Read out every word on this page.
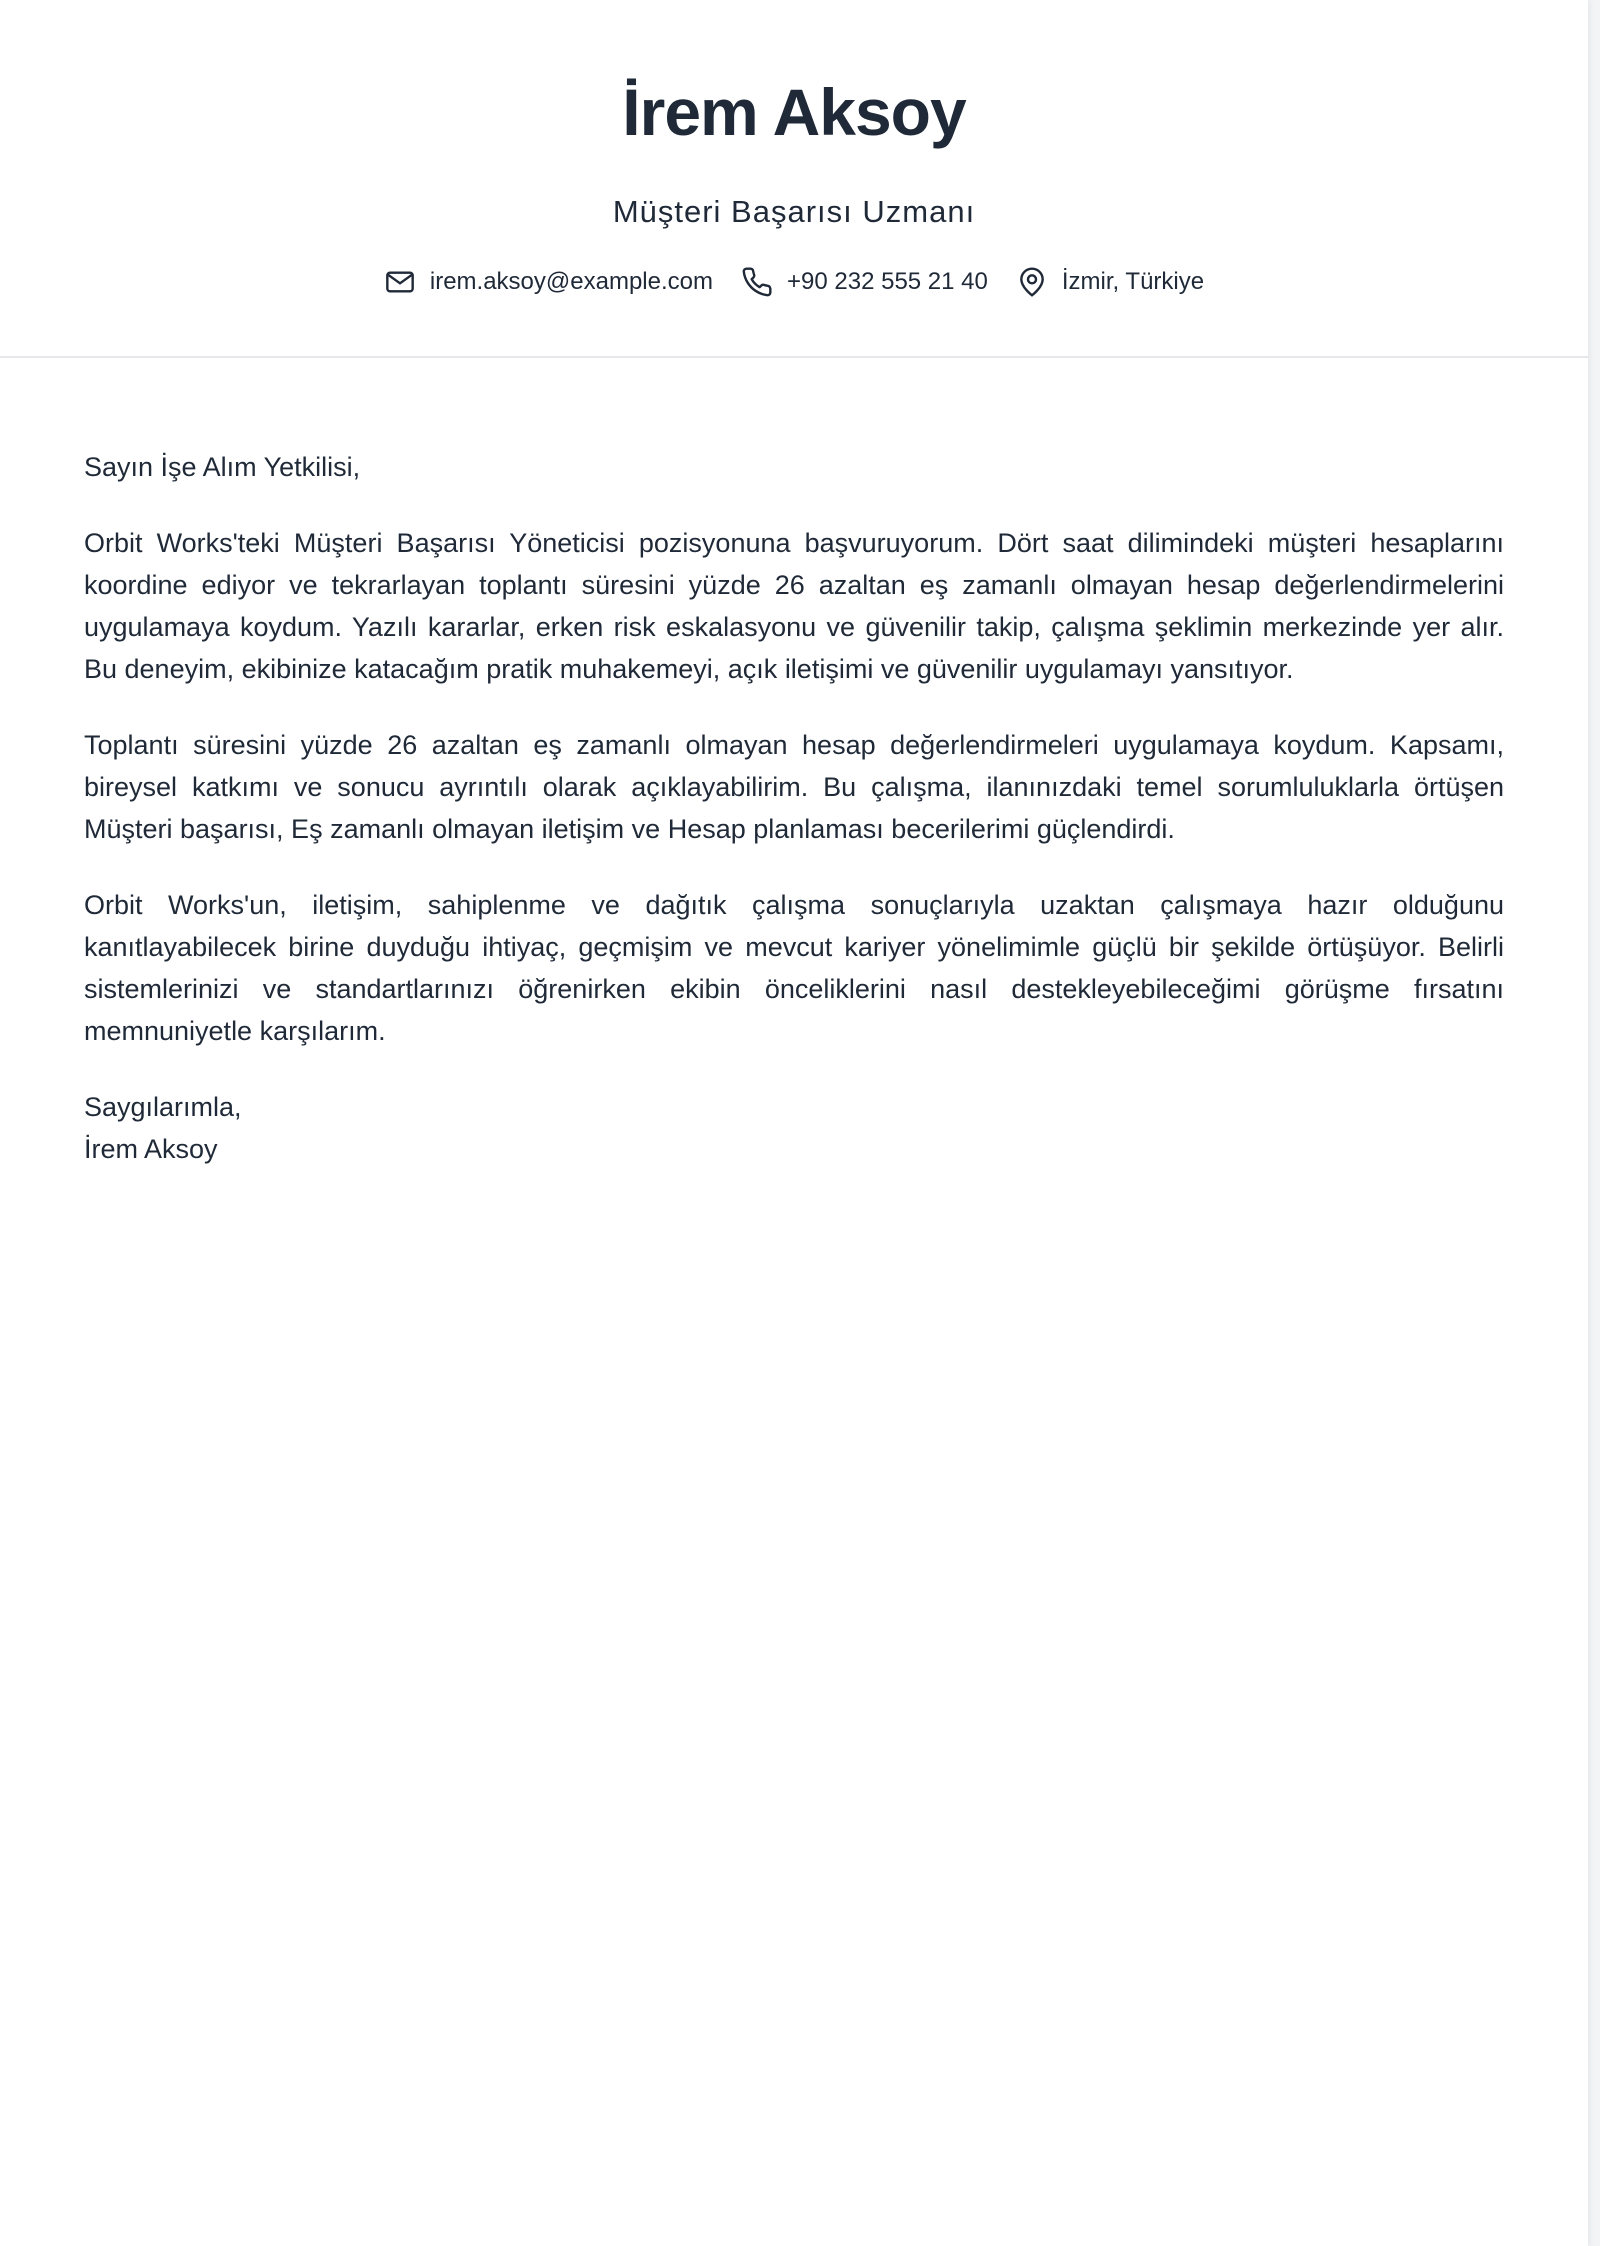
İrem Aksoy
Müşteri Başarısı Uzmanı
irem.aksoy@example.com	+90 232 555 21 40	İzmir, Türkiye

Sayın İşe Alım Yetkilisi,

Orbit Works'teki Müşteri Başarısı Yöneticisi pozisyonuna başvuruyorum. Dört saat dilimindeki müşteri hesaplarını koordine ediyor ve tekrarlayan toplantı süresini yüzde 26 azaltan eş zamanlı olmayan hesap değerlendirmelerini uygulamaya koydum. Yazılı kararlar, erken risk eskalasyonu ve güvenilir takip, çalışma şeklimin merkezinde yer alır. Bu deneyim, ekibinize katacağım pratik muhakemeyi, açık iletişimi ve güvenilir uygulamayı yansıtıyor.

Toplantı süresini yüzde 26 azaltan eş zamanlı olmayan hesap değerlendirmeleri uygulamaya koydum. Kapsamı, bireysel katkımı ve sonucu ayrıntılı olarak açıklayabilirim. Bu çalışma, ilanınızdaki temel sorumluluklarla örtüşen Müşteri başarısı, Eş zamanlı olmayan iletişim ve Hesap planlaması becerilerimi güçlendirdi.

Orbit Works'un, iletişim, sahiplenme ve dağıtık çalışma sonuçlarıyla uzaktan çalışmaya hazır olduğunu kanıtlayabilecek birine duyduğu ihtiyaç, geçmişim ve mevcut kariyer yönelimimle güçlü bir şekilde örtüşüyor. Belirli sistemlerinizi ve standartlarınızı öğrenirken ekibin önceliklerini nasıl destekleyebileceğimi görüşme fırsatını memnuniyetle karşılarım.

Saygılarımla,

İrem Aksoy
